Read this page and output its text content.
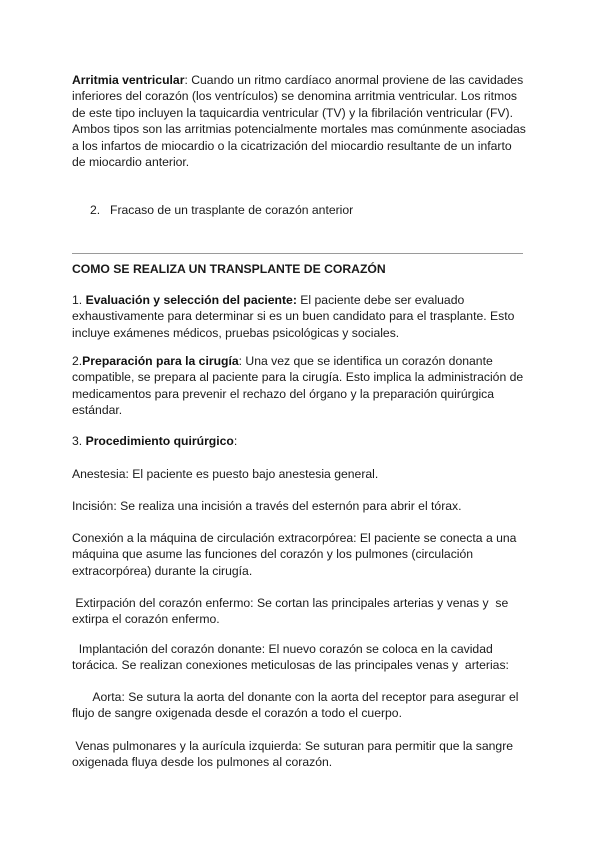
Arritmia ventricular: Cuando un ritmo cardíaco anormal proviene de las cavidades inferiores del corazón (los ventrículos) se denomina arritmia ventricular. Los ritmos de este tipo incluyen la taquicardia ventricular (TV) y la fibrilación ventricular (FV). Ambos tipos son las arritmias potencialmente mortales mas comúnmente asociadas a los infartos de miocardio o la cicatrización del miocardio resultante de un infarto de miocardio anterior.

2. Fracaso de un trasplante de corazón anterior
COMO SE REALIZA UN TRANSPLANTE DE CORAZÓN

1. Evaluación y selección del paciente: El paciente debe ser evaluado exhaustivamente para determinar si es un buen candidato para el trasplante. Esto incluye exámenes médicos, pruebas psicológicas y sociales.

2.Preparación para la cirugía: Una vez que se identifica un corazón donante compatible, se prepara al paciente para la cirugía. Esto implica la administración de medicamentos para prevenir el rechazo del órgano y la preparación quirúrgica estándar.

3. Procedimiento quirúrgico:

Anestesia: El paciente es puesto bajo anestesia general.

Incisión: Se realiza una incisión a través del esternón para abrir el tórax.

Conexión a la máquina de circulación extracorpórea: El paciente se conecta a una máquina que asume las funciones del corazón y los pulmones (circulación extracorpórea) durante la cirugía.

Extirpación del corazón enfermo: Se cortan las principales arterias y venas y  se extirpa el corazón enfermo.

Implantación del corazón donante: El nuevo corazón se coloca en la cavidad torácica. Se realizan conexiones meticulosas de las principales venas y  arterias:

Aorta: Se sutura la aorta del donante con la aorta del receptor para asegurar el flujo de sangre oxigenada desde el corazón a todo el cuerpo.

Venas pulmonares y la aurícula izquierda: Se suturan para permitir que la sangre oxigenada fluya desde los pulmones al corazón.
